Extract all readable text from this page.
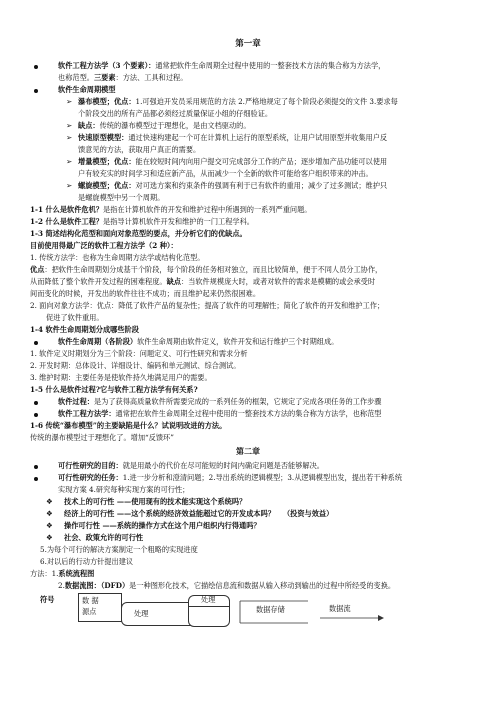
第一章
软件工程方法学（3 个要素）：通常把软件生命周期全过程中使用的一整套技术方法的集合称为方法学，
也称范型。三要素：方法、工具和过程。
软件生命周期模型
➢ 瀑布模型；优点：1.可强迫开发员采用规范的方法 2.严格地规定了每个阶段必须提交的文件 3.要求每
个阶段交出的所有产品都必须经过质量保证小组的仔细验证。
➢ 缺点：传统的瀑布模型过于理想化，是由文档驱动的。
➢ 快速原型模型：通过快速构建起一个可在计算机上运行的原型系统，让用户试用原型并收集用户反
馈意见的方法，获取用户真正的需要。
➢ 增量模型；优点：能在较短时间内向用户提交可完成部分工作的产品；逐步增加产品功能可以使用
户有较充实的时间学习和适应新产品，从而减少一个全新的软件可能给客户组织带来的冲击。
➢ 螺旋模型；优点：对可选方案和约束条件的强调有利于已有软件的重用；减少了过多测试；维护只
是螺旋模型中另一个周期。
1-1 什么是软件危机？是指在计算机软件的开发和维护过程中所遇到的一系列严重问题。
1-2 什么是软件工程？是指导计算机软件开发和维护的一门工程学科。
1-3 简述结构化范型和面向对象范型的要点，并分析它们的优缺点。
目前使用得最广泛的软件工程方法学（2 种）：
1. 传统方法学：也称为生命周期方法学或结构化范型。
优点：把软件生命周期划分成基干个阶段，每个阶段的任务相对独立，而且比较简单，便于不同人员分工协作，
从而降低了整个软件开发过程的困难程度。缺点：当软件规模庞大时，或者对软件的需求是模糊的或会承受时
间而变化的时候，开发出的软件往往不成功；而且维护起来仍然很困难。
2. 面向对象方法学：优点：降低了软件产品的复杂性；提高了软件的可理解性；简化了软件的开发和维护工作；
促进了软件重用。
1-4 软件生命周期划分成哪些阶段
软件生命周期（各阶段）软件生命周期由软件定义，软件开发和运行维护三个时期组成。
1. 软件定义时期划分为三个阶段：问题定义、可行性研究和需求分析
2. 开发时期：总体设计、详细设计、编码和单元测试、综合测试。
3. 维护时期：主要任务是使软件持久地满足用户的需要。
1-5 什么是软件过程?它与软件工程方法学有何关系?
软件过程：是为了获得高质量软件所需要完成的一系列任务的框架，它规定了完成各项任务的工作步骤
软件工程方法学：通常把在软件生命周期全过程中使用的一整套技术方法的集合称为方法学，也称范型
1-6 传统“瀑布模型”的主要缺陷是什么？试说明改进的方法。
传统的瀑布模型过于理想化了。增加“反馈环”
第二章
可行性研究的目的：就是用最小的代价在尽可能短的时间内确定问题是否能够解决。
可行性研究的任务：1.进一步分析和澄清问题；2.导出系统的逻辑模型；3.从逻辑模型出发，提出若干种系统
实现方案 4.研究每种实现方案的可行性；
❖ 技术上的可行性 ——使用现有的技术能实现这个系统吗？
❖ 经济上的可行性 ——这个系统的经济效益能超过它的开发成本吗？ （投资与效益）
❖ 操作可行性 ——系统的操作方式在这个用户组织内行得通吗？
❖ 社会、政策允许的可行性
5.为每个可行的解决方案制定一个粗略的实现进度
6.对以后的行动方针提出建议
方法：1.系统流程图
2.数据流图：（DFD）是一种图形化技术，它描绘信息流和数据从输入移动到输出的过程中所经受的变换。
符号	数 据
源点	处理
处理
数据存储	数据流
